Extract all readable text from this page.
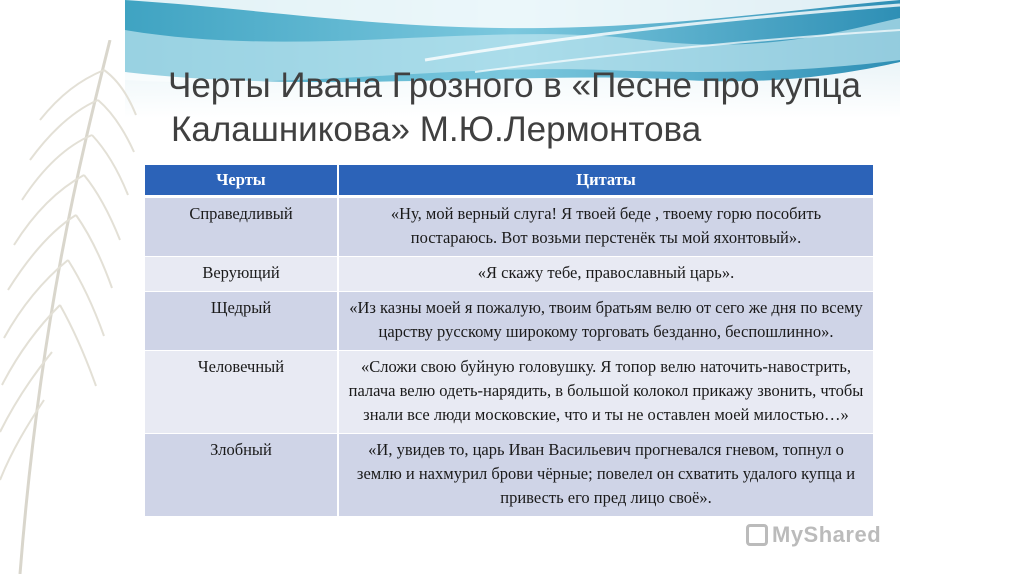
Черты Ивана Грозного в «Песне про купца
Калашникова» М.Ю.Лермонтова
Черты	Цитаты
Справедливый	«Ну, мой верный слуга! Я твоей беде , твоему горю пособить постараюсь. Вот возьми перстенёк ты мой яхонтовый».
Верующий	«Я скажу тебе, православный царь».
Щедрый	«Из казны моей я пожалую, твоим братьям велю от сего же дня по всему царству русскому широкому торговать безданно, беспошлинно».
Человечный	«Сложи свою буйную головушку. Я топор велю наточить-навострить, палача велю одеть-нарядить, в большой колокол прикажу звонить, чтобы знали все люди московские, что и ты не оставлен моей милостью…»
Злобный	«И, увидев то, царь Иван Васильевич прогневался гневом, топнул о землю и нахмурил брови чёрные; повелел он схватить удалого купца и привесть его пред лицо своё».
MyShared
